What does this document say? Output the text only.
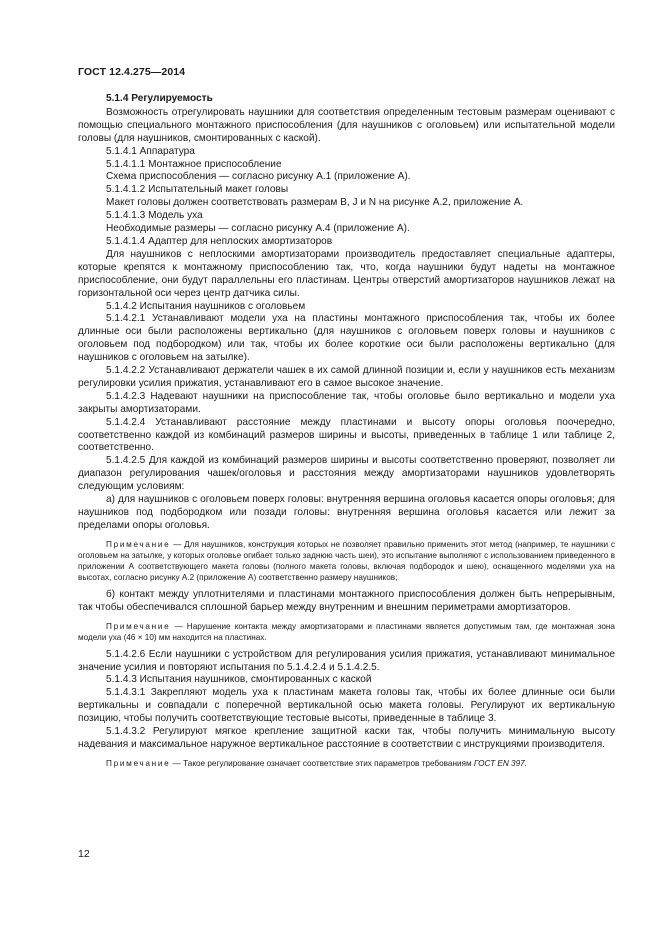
ГОСТ 12.4.275—2014

5.1.4 Регулируемость

Возможность отрегулировать наушники для соответствия определенным тестовым размерам оценивают с помощью специального монтажного приспособления (для наушников с оголовьем) или испытательной модели головы (для наушников, смонтированных с каской).

5.1.4.1 Аппаратура

5.1.4.1.1 Монтажное приспособление

Схема приспособления — согласно рисунку А.1 (приложение А).

5.1.4.1.2 Испытательный макет головы

Макет головы должен соответствовать размерам B, J и N на рисунке А.2, приложение А.

5.1.4.1.3 Модель уха

Необходимые размеры — согласно рисунку А.4 (приложение А).

5.1.4.1.4 Адаптер для неплоских амортизаторов

Для наушников с неплоскими амортизаторами производитель предоставляет специальные адаптеры, которые крепятся к монтажному приспособлению так, что, когда наушники будут надеты на монтажное приспособление, они будут параллельны его пластинам. Центры отверстий амортизаторов наушников лежат на горизонтальной оси через центр датчика силы.

5.1.4.2 Испытания наушников с оголовьем

5.1.4.2.1 Устанавливают модели уха на пластины монтажного приспособления так, чтобы их более длинные оси были расположены вертикально (для наушников с оголовьем поверх головы и наушников с оголовьем под подбородком) или так, чтобы их более короткие оси были расположены вертикально (для наушников с оголовьем на затылке).

5.1.4.2.2 Устанавливают держатели чашек в их самой длинной позиции и, если у наушников есть механизм регулировки усилия прижатия, устанавливают его в самое высокое значение.

5.1.4.2.3 Надевают наушники на приспособление так, чтобы оголовье было вертикально и модели уха закрыты амортизаторами.

5.1.4.2.4 Устанавливают расстояние между пластинами и высоту опоры оголовья поочередно, соответственно каждой из комбинаций размеров ширины и высоты, приведенных в таблице 1 или таблице 2, соответственно.

5.1.4.2.5 Для каждой из комбинаций размеров ширины и высоты соответственно проверяют, позволяет ли диапазон регулирования чашек/оголовья и расстояния между амортизаторами наушников удовлетворять следующим условиям:

а) для наушников с оголовьем поверх головы: внутренняя вершина оголовья касается опоры оголовья; для наушников под подбородком или позади головы: внутренняя вершина оголовья касается или лежит за пределами опоры оголовья.

Примечание — Для наушников, конструкция которых не позволяет правильно применить этот метод (например, те наушники с оголовьем на затылке, у которых оголовье огибает только заднюю часть шеи), это испытание выполняют с использованием приведенного в приложении А соответствующего макета головы (полного макета головы, включая подбородок и шею), оснащенного моделями уха на высотах, согласно рисунку А.2 (приложение А) соответственно размеру наушников;

б) контакт между уплотнителями и пластинами монтажного приспособления должен быть непрерывным, так чтобы обеспечивался сплошной барьер между внутренним и внешним периметрами амортизаторов.

Примечание — Нарушение контакта между амортизаторами и пластинами является допустимым там, где монтажная зона модели уха (46 × 10) мм находится на пластинах.

5.1.4.2.6 Если наушники с устройством для регулирования усилия прижатия, устанавливают минимальное значение усилия и повторяют испытания по 5.1.4.2.4 и 5.1.4.2.5.

5.1.4.3 Испытания наушников, смонтированных с каской

5.1.4.3.1 Закрепляют модель уха к пластинам макета головы так, чтобы их более длинные оси были вертикальны и совпадали с поперечной вертикальной осью макета головы. Регулируют их вертикальную позицию, чтобы получить соответствующие тестовые высоты, приведенные в таблице 3.

5.1.4.3.2 Регулируют мягкое крепление защитной каски так, чтобы получить минимальную высоту надевания и максимальное наружное вертикальное расстояние в соответствии с инструкциями производителя.

Примечание — Такое регулирование означает соответствие этих параметров требованиям ГОСТ EN 397.

12
